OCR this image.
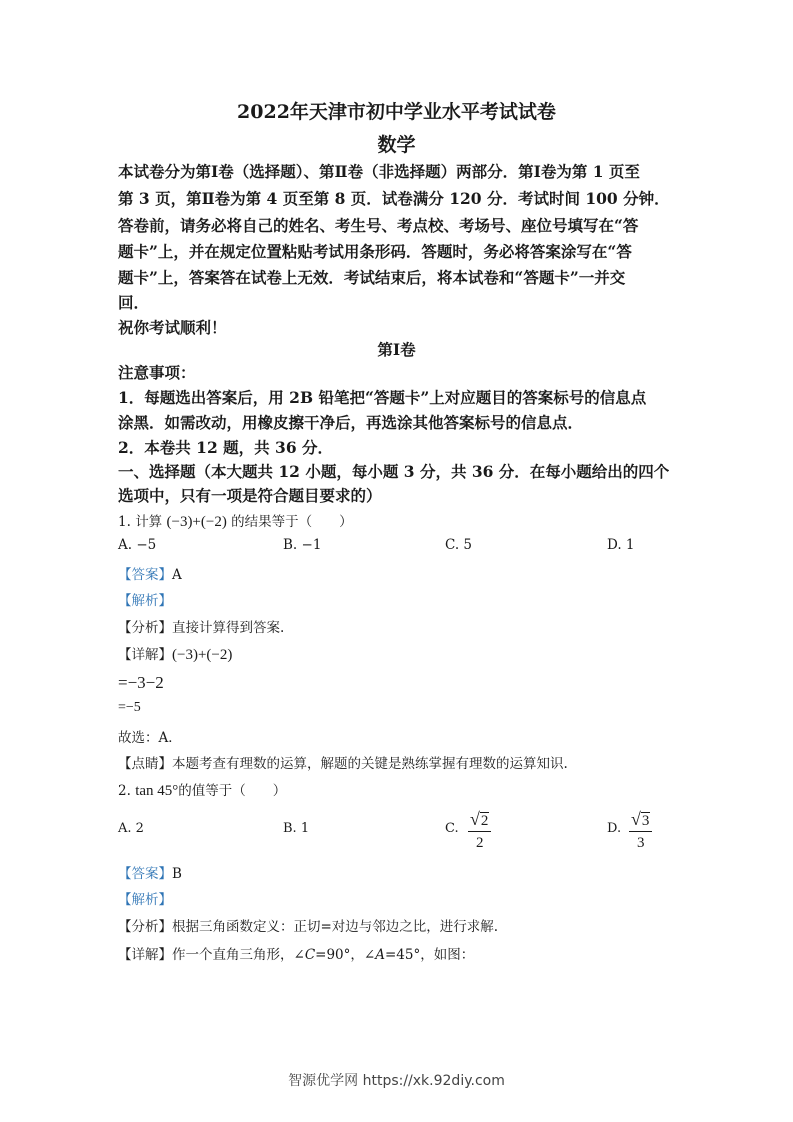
2022年天津市初中学业水平考试试卷
数学
本试卷分为第Ⅰ卷（选择题）、第Ⅱ卷（非选择题）两部分．第Ⅰ卷为第 1 页至
第 3 页，第Ⅱ卷为第 4 页至第 8 页．试卷满分 120 分．考试时间 100 分钟．
答卷前，请务必将自己的姓名、考生号、考点校、考场号、座位号填写在“答
题卡”上，并在规定位置粘贴考试用条形码．答题时，务必将答案涂写在“答
题卡”上，答案答在试卷上无效．考试结束后，将本试卷和“答题卡”一并交
回．
祝你考试顺利！
第Ⅰ卷
注意事项：
1．每题选出答案后，用 2B 铅笔把“答题卡”上对应题目的答案标号的信息点
涂黑．如需改动，用橡皮擦干净后，再选涂其他答案标号的信息点．
2．本卷共 12 题，共 36 分．
一、选择题（本大题共 12 小题，每小题 3 分，共 36 分．在每小题给出的四个
选项中，只有一项是符合题目要求的）
1. 计算 (−3)+(−2) 的结果等于（　　）
A. −5	B. −1	C. 5	D. 1
【答案】A
【解析】
【分析】直接计算得到答案.
【详解】(−3)+(−2)
=−3−2
=−5
故选：A．
【点睛】本题考查有理数的运算，解题的关键是熟练掌握有理数的运算知识.
2. tan 45°的值等于（　　）
A. 2	B. 1	C. $\frac{√2}{2}$	D. $\frac{√3}{3}$
【答案】B
【解析】
【分析】根据三角函数定义：正切=对边与邻边之比，进行求解.
【详解】作一个直角三角形，∠C=90°，∠A=45°，如图：
智源优学网 https://xk.92diy.com
